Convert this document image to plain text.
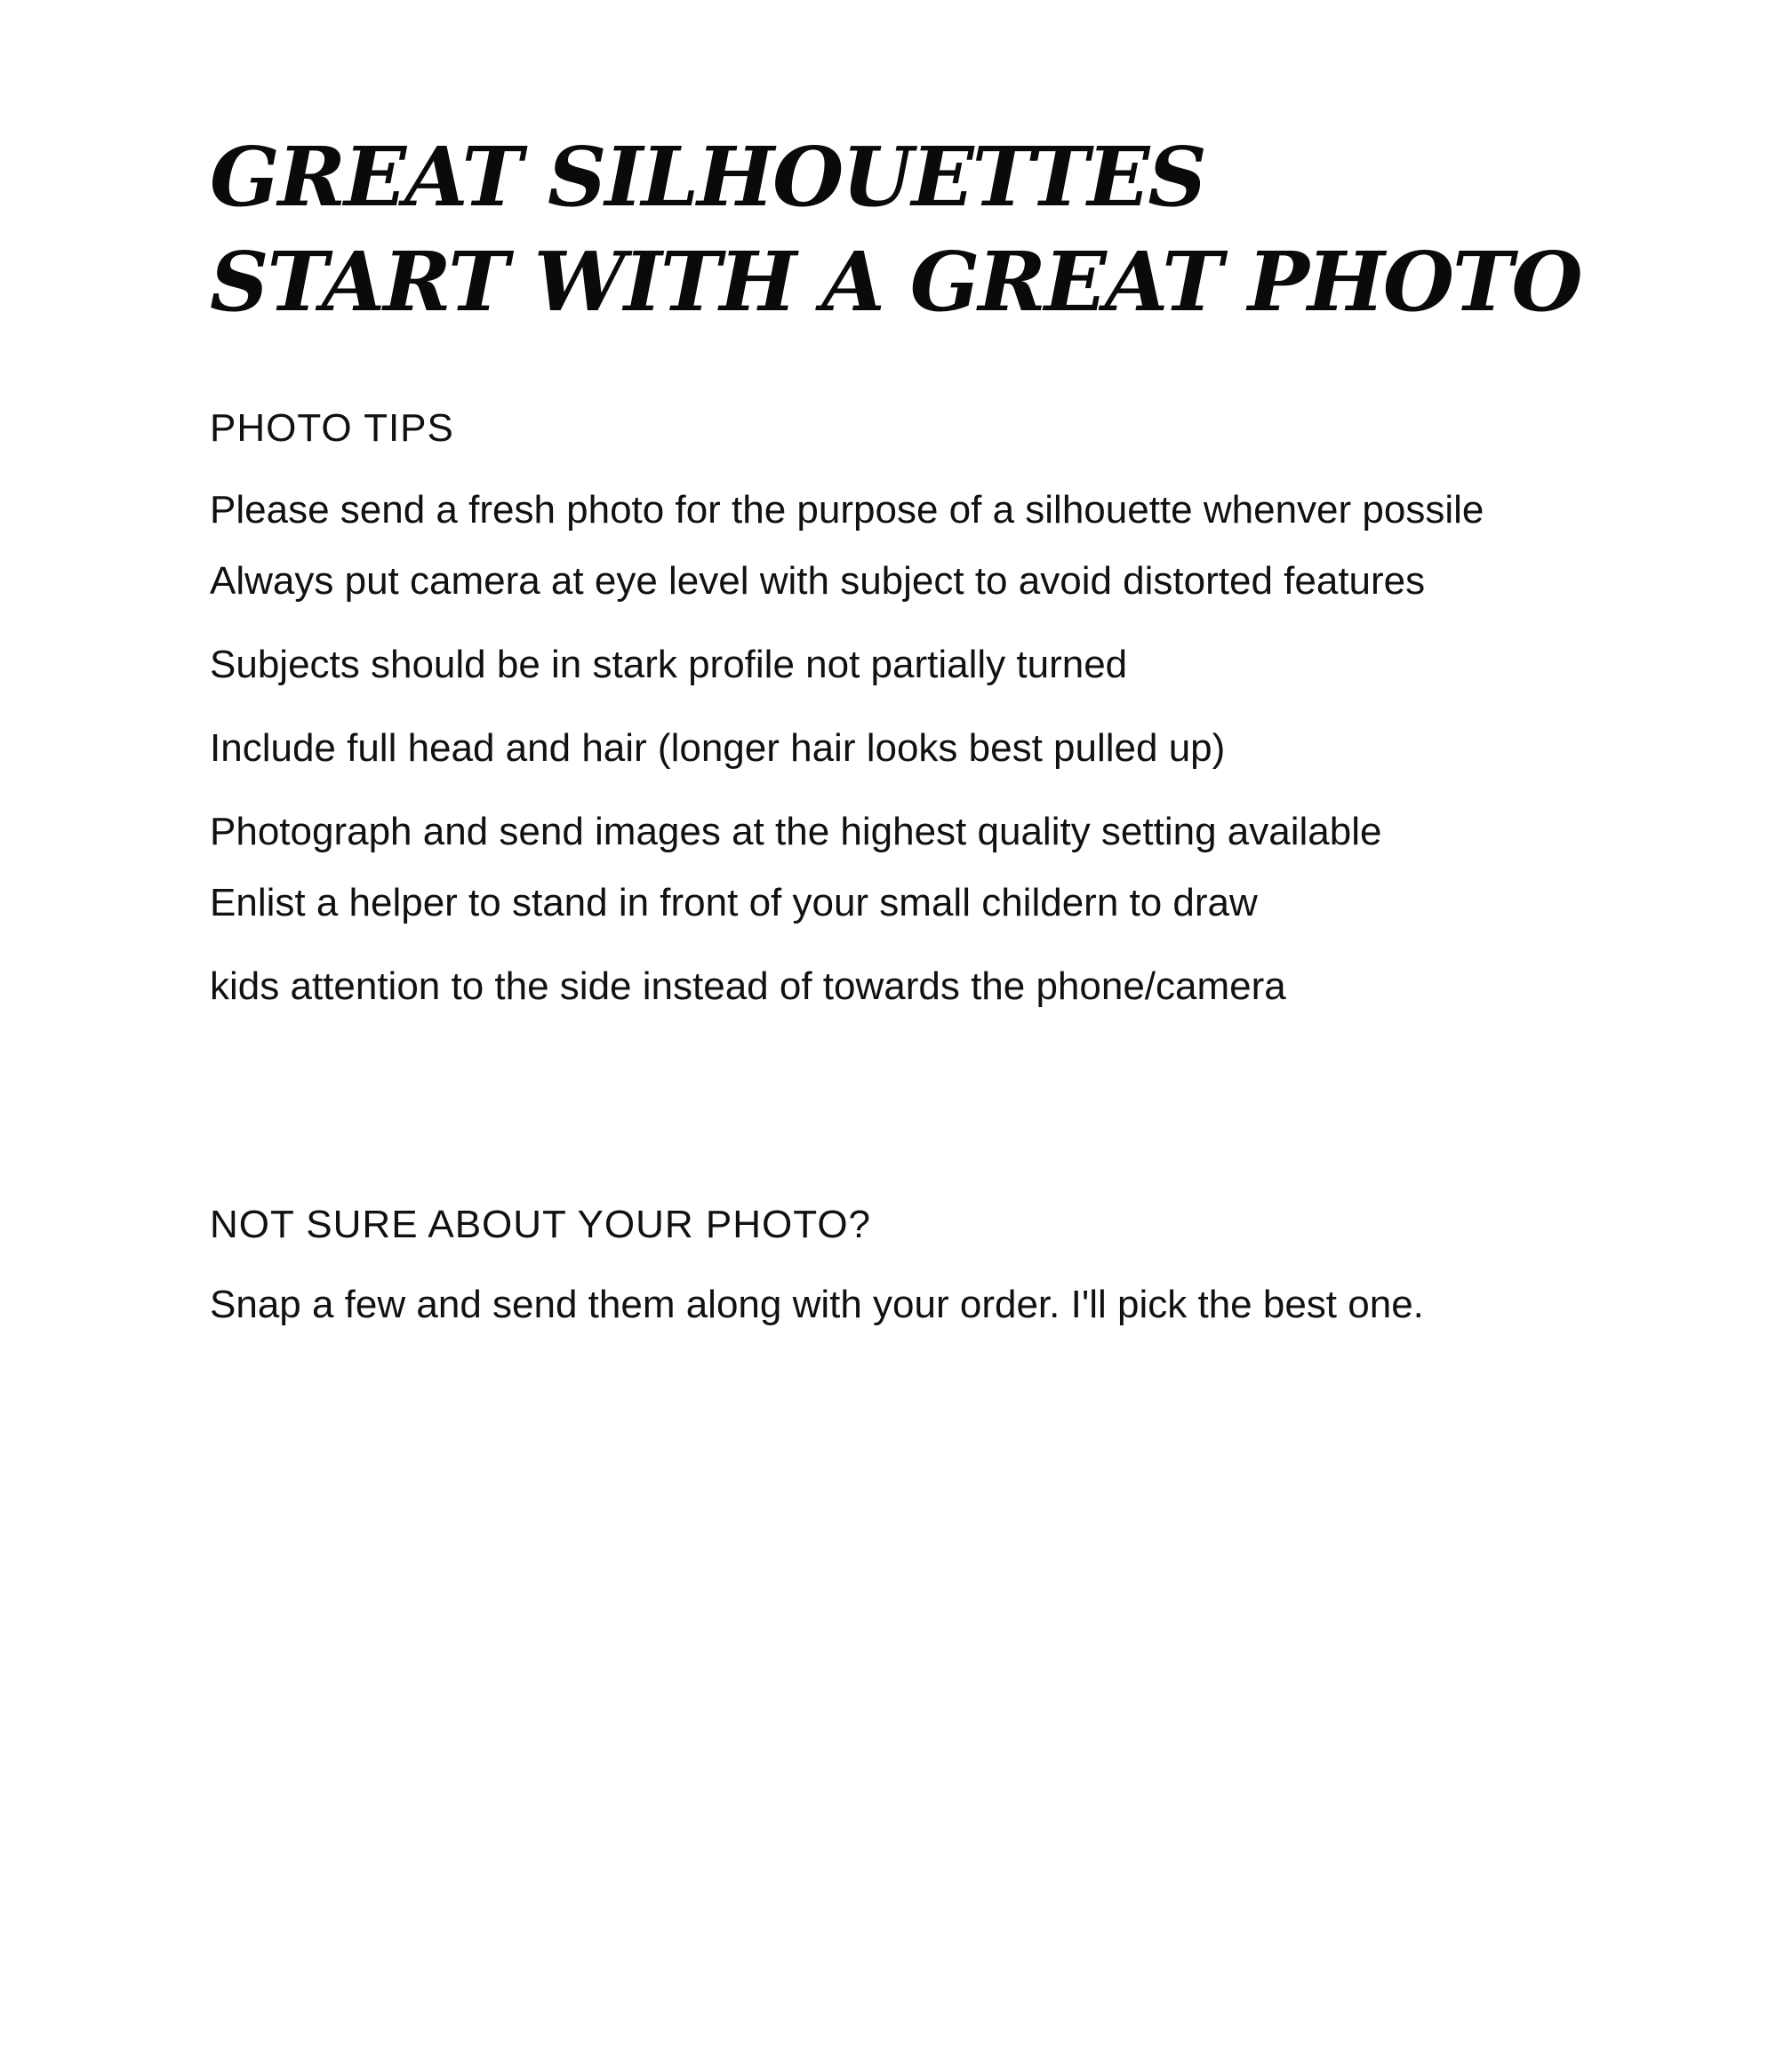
GREAT SILHOUETTES
START WITH A GREAT PHOTO
PHOTO TIPS

Please send a fresh photo for the purpose of a silhouette whenver possile

Always put camera at eye level with subject to avoid distorted features

Subjects should be in stark profile not partially turned

Include full head and hair (longer hair looks best pulled up)

Photograph and send images at the highest quality setting available

Enlist a helper to stand in front of your small childern to draw

kids attention to the side instead of towards the phone/camera

NOT SURE ABOUT YOUR PHOTO?

Snap a few and send them along with your order. I'll pick the best one.
